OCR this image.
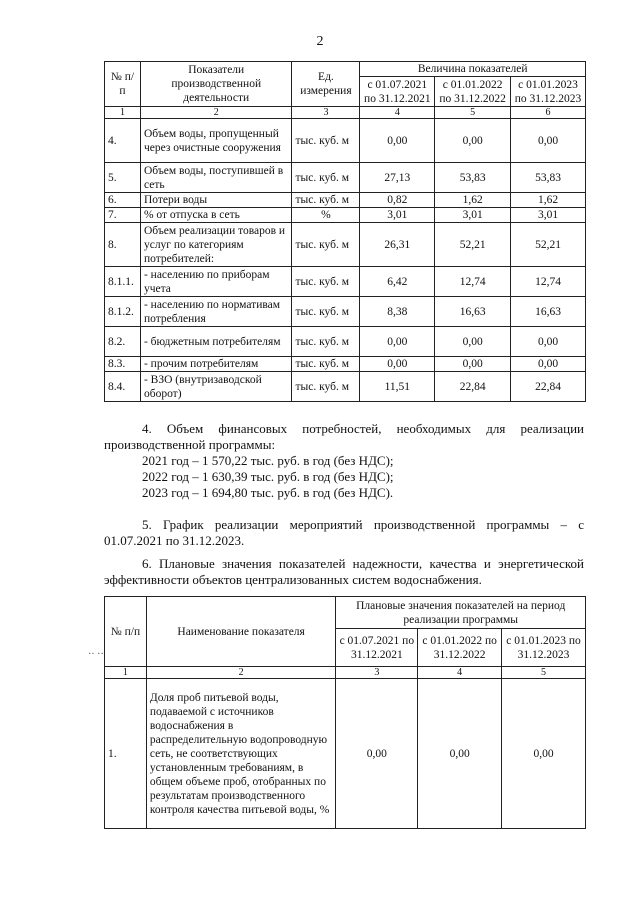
2
№ п/п	Показатели производственной деятельности	Ед. измерения	Величина показателей		
			с 01.07.2021 по 31.12.2021	с 01.01.2022 по 31.12.2022	с 01.01.2023 по 31.12.2023
1	2	3	4	5	6
4.	Объем воды, пропущенный через очистные сооружения	тыс. куб. м	0,00	0,00	0,00
5.	Объем воды, поступившей в сеть	тыс. куб. м	27,13	53,83	53,83
6.	Потери воды	тыс. куб. м	0,82	1,62	1,62
7.	% от отпуска в сеть	%	3,01	3,01	3,01
8.	Объем реализации товаров и услуг по категориям потребителей:	тыс. куб. м	26,31	52,21	52,21
8.1.1.	- населению по приборам учета	тыс. куб. м	6,42	12,74	12,74
8.1.2.	- населению по нормативам потребления	тыс. куб. м	8,38	16,63	16,63
8.2.	- бюджетным потребителям	тыс. куб. м	0,00	0,00	0,00
8.3.	- прочим потребителям	тыс. куб. м	0,00	0,00	0,00
8.4.	- ВЗО (внутризаводской оборот)	тыс. куб. м	11,51	22,84	22,84
4. Объем финансовых потребностей, необходимых для реализации производственной программы:
2021 год – 1 570,22 тыс. руб. в год (без НДС);
2022 год – 1 630,39 тыс. руб. в год (без НДС);
2023 год – 1 694,80 тыс. руб. в год (без НДС).
5. График реализации мероприятий производственной программы – с 01.07.2021 по 31.12.2023.
6. Плановые значения показателей надежности, качества и энергетической эффективности объектов централизованных систем водоснабжения.
‥ ‥
№ п/п	Наименование показателя	Плановые значения показателей на период реализации программы		
		с 01.07.2021 по 31.12.2021	с 01.01.2022 по 31.12.2022	с 01.01.2023 по 31.12.2023
1	2	3	4	5
1.	Доля проб питьевой воды, подаваемой с источников водоснабжения в распределительную водопроводную сеть, не соответствующих установленным требованиям, в общем объеме проб, отобранных по результатам производственного контроля качества питьевой воды, %	0,00	0,00	0,00
